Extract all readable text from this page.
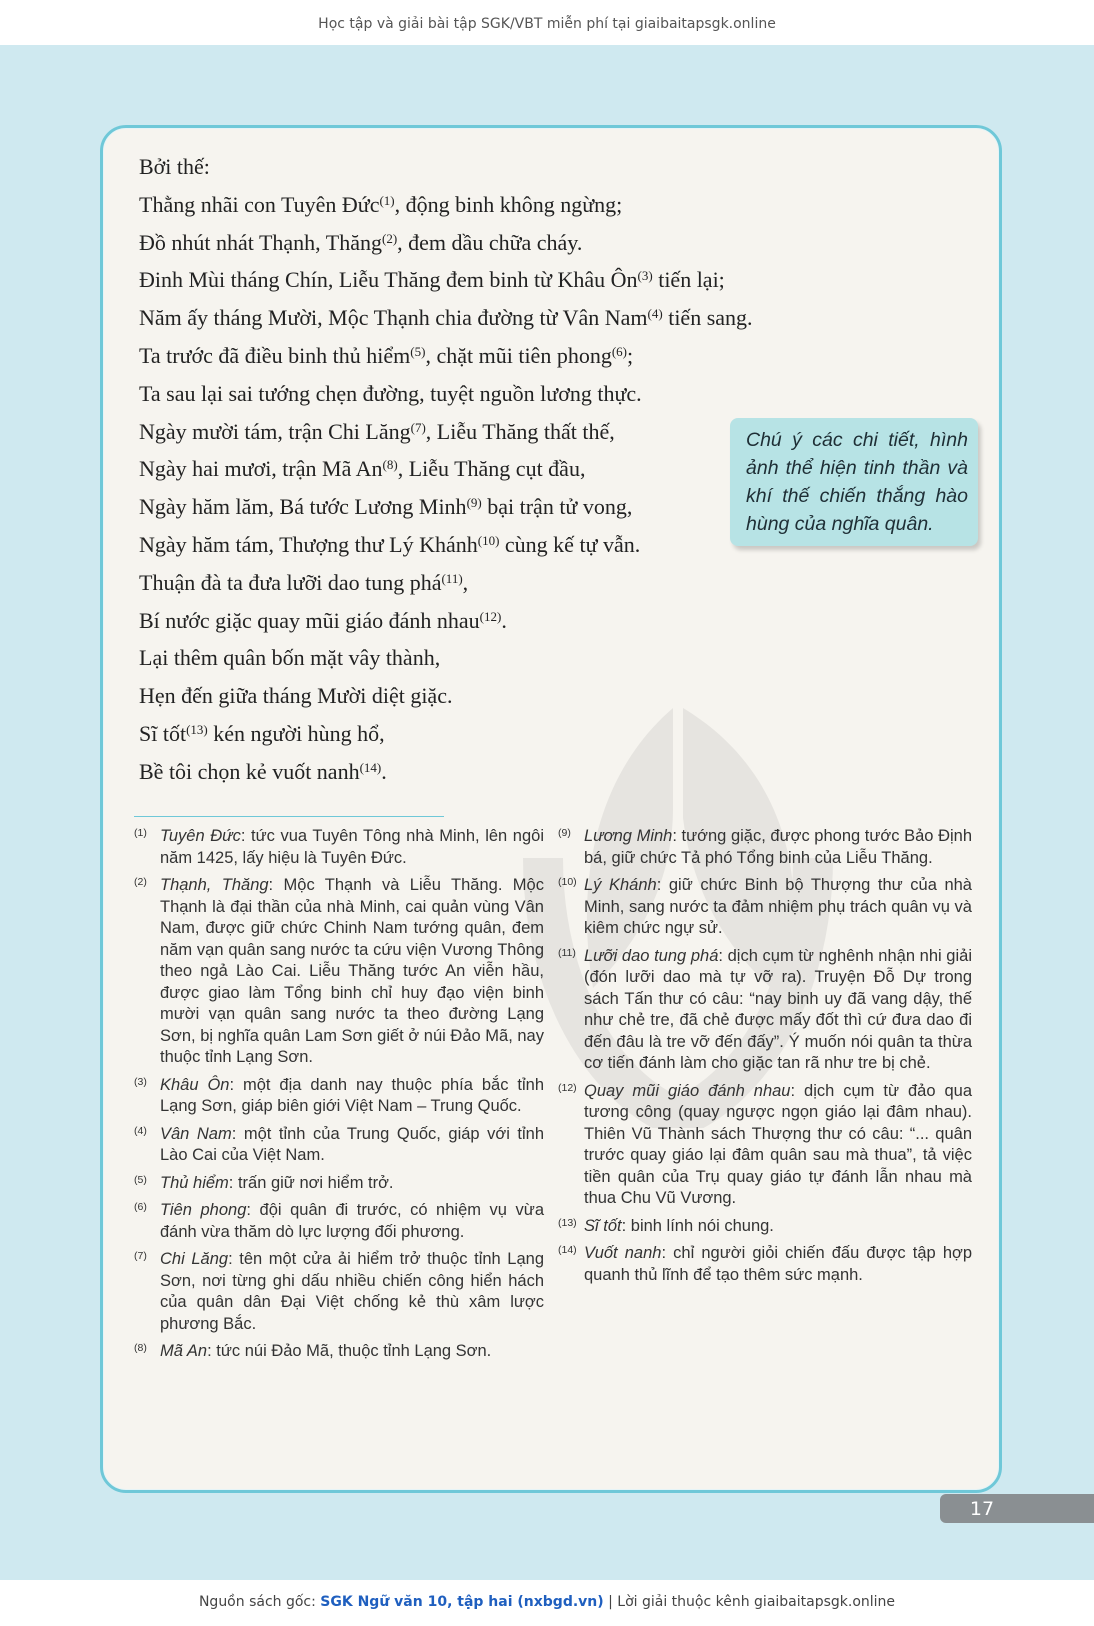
Học tập và giải bài tập SGK/VBT miễn phí tại giaibaitapsgk.online
Bởi thế:
Thằng nhãi con Tuyên Đức$^{(1)}$, động binh không ngừng;
Đồ nhút nhát Thạnh, Thăng$^{(2)}$, đem dầu chữa cháy.
Đinh Mùi tháng Chín, Liễu Thăng đem binh từ Khâu Ôn$^{(3)}$ tiến lại;
Năm ấy tháng Mười, Mộc Thạnh chia đường từ Vân Nam$^{(4)}$ tiến sang.
Ta trước đã điều binh thủ hiểm$^{(5)}$, chặt mũi tiên phong$^{(6)}$;
Ta sau lại sai tướng chẹn đường, tuyệt nguồn lương thực.
Ngày mười tám, trận Chi Lăng$^{(7)}$, Liễu Thăng thất thế,
Ngày hai mươi, trận Mã An$^{(8)}$, Liễu Thăng cụt đầu,
Ngày hăm lăm, Bá tước Lương Minh$^{(9)}$ bại trận tử vong,
Ngày hăm tám, Thượng thư Lý Khánh$^{(10)}$ cùng kế tự vẫn.
Thuận đà ta đưa lưỡi dao tung phá$^{(11)}$,
Bí nước giặc quay mũi giáo đánh nhau$^{(12)}$.
Lại thêm quân bốn mặt vây thành,
Hẹn đến giữa tháng Mười diệt giặc.
Sĩ tốt$^{(13)}$ kén người hùng hổ,
Bề tôi chọn kẻ vuốt nanh$^{(14)}$.
Chú ý các chi tiết, hình ảnh thể hiện tinh thần và khí thế chiến thắng hào hùng của nghĩa quân.
(1) Tuyên Đức: tức vua Tuyên Tông nhà Minh, lên ngôi năm 1425, lấy hiệu là Tuyên Đức.
(2) Thạnh, Thăng: Mộc Thạnh và Liễu Thăng. Mộc Thạnh là đại thần của nhà Minh, cai quản vùng Vân Nam, được giữ chức Chinh Nam tướng quân, đem năm vạn quân sang nước ta cứu viện Vương Thông theo ngả Lào Cai. Liễu Thăng tước An viễn hầu, được giao làm Tổng binh chỉ huy đạo viện binh mười vạn quân sang nước ta theo đường Lạng Sơn, bị nghĩa quân Lam Sơn giết ở núi Đảo Mã, nay thuộc tỉnh Lạng Sơn.
(3) Khâu Ôn: một địa danh nay thuộc phía bắc tỉnh Lạng Sơn, giáp biên giới Việt Nam – Trung Quốc.
(4) Vân Nam: một tỉnh của Trung Quốc, giáp với tỉnh Lào Cai của Việt Nam.
(5) Thủ hiểm: trấn giữ nơi hiểm trở.
(6) Tiên phong: đội quân đi trước, có nhiệm vụ vừa đánh vừa thăm dò lực lượng đối phương.
(7) Chi Lăng: tên một cửa ải hiểm trở thuộc tỉnh Lạng Sơn, nơi từng ghi dấu nhiều chiến công hiển hách của quân dân Đại Việt chống kẻ thù xâm lược phương Bắc.
(8) Mã An: tức núi Đảo Mã, thuộc tỉnh Lạng Sơn.
(9) Lương Minh: tướng giặc, được phong tước Bảo Định bá, giữ chức Tả phó Tổng binh của Liễu Thăng.
(10) Lý Khánh: giữ chức Binh bộ Thượng thư của nhà Minh, sang nước ta đảm nhiệm phụ trách quân vụ và kiêm chức ngự sử.
(11) Lưỡi dao tung phá: dịch cụm từ nghênh nhận nhi giải (đón lưỡi dao mà tự vỡ ra). Truyện Đỗ Dự trong sách Tấn thư có câu: “nay binh uy đã vang dậy, thế như chẻ tre, đã chẻ được mấy đốt thì cứ đưa dao đi đến đâu là tre vỡ đến đấy”. Ý muốn nói quân ta thừa cơ tiến đánh làm cho giặc tan rã như tre bị chẻ.
(12) Quay mũi giáo đánh nhau: dịch cụm từ đảo qua tương công (quay ngược ngọn giáo lại đâm nhau). Thiên Vũ Thành sách Thượng thư có câu: “... quân trước quay giáo lại đâm quân sau mà thua”, tả việc tiền quân của Trụ quay giáo tự đánh lẫn nhau mà thua Chu Vũ Vương.
(13) Sĩ tốt: binh lính nói chung.
(14) Vuốt nanh: chỉ người giỏi chiến đấu được tập hợp quanh thủ lĩnh để tạo thêm sức mạnh.
17
Nguồn sách gốc: SGK Ngữ văn 10, tập hai (nxbgd.vn) | Lời giải thuộc kênh giaibaitapsgk.online
